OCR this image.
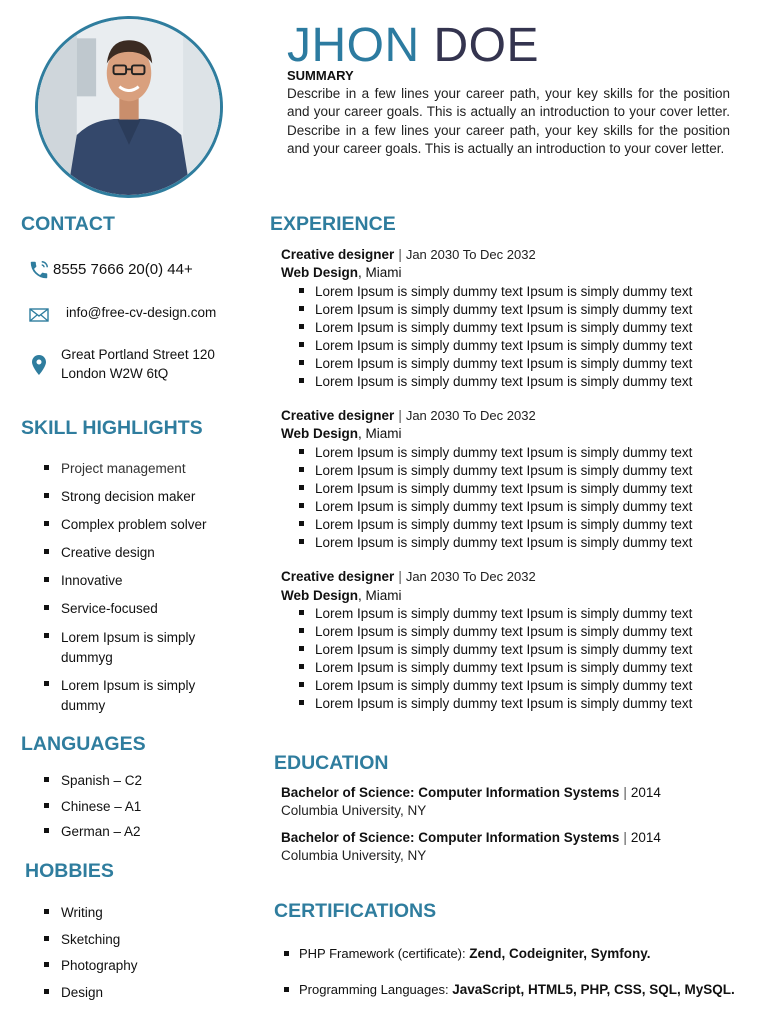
JHON DOE
SUMMARY
Describe in a few lines your career path, your key skills for the position and your career goals. This is actually an introduction to your cover letter. Describe in a few lines your career path, your key skills for the position and your career goals. This is actually an introduction to your cover letter.
CONTACT
8555 7666 20(0) 44+
info@free-cv-design.com
Great Portland Street 120
London W2W 6tQ
SKILL HIGHLIGHTS
Project management
Strong decision maker
Complex problem solver
Creative design
Innovative
Service-focused
Lorem Ipsum is simply dummyg
Lorem Ipsum is simply dummy
LANGUAGES
Spanish – C2
Chinese – A1
German – A2
HOBBIES
Writing
Sketching
Photography
Design
EXPERIENCE
Creative designer | Jan 2030 To Dec 2032
Web Design, Miami
Lorem Ipsum is simply dummy text Ipsum is simply dummy text
Lorem Ipsum is simply dummy text Ipsum is simply dummy text
Lorem Ipsum is simply dummy text Ipsum is simply dummy text
Lorem Ipsum is simply dummy text Ipsum is simply dummy text
Lorem Ipsum is simply dummy text Ipsum is simply dummy text
Lorem Ipsum is simply dummy text Ipsum is simply dummy text
Creative designer | Jan 2030 To Dec 2032
Web Design, Miami
Lorem Ipsum is simply dummy text Ipsum is simply dummy text
Lorem Ipsum is simply dummy text Ipsum is simply dummy text
Lorem Ipsum is simply dummy text Ipsum is simply dummy text
Lorem Ipsum is simply dummy text Ipsum is simply dummy text
Lorem Ipsum is simply dummy text Ipsum is simply dummy text
Lorem Ipsum is simply dummy text Ipsum is simply dummy text
Creative designer | Jan 2030 To Dec 2032
Web Design, Miami
Lorem Ipsum is simply dummy text Ipsum is simply dummy text
Lorem Ipsum is simply dummy text Ipsum is simply dummy text
Lorem Ipsum is simply dummy text Ipsum is simply dummy text
Lorem Ipsum is simply dummy text Ipsum is simply dummy text
Lorem Ipsum is simply dummy text Ipsum is simply dummy text
Lorem Ipsum is simply dummy text Ipsum is simply dummy text
EDUCATION
Bachelor of Science: Computer Information Systems | 2014
Columbia University, NY
Bachelor of Science: Computer Information Systems | 2014
Columbia University, NY
CERTIFICATIONS
PHP Framework (certificate): Zend, Codeigniter, Symfony.
Programming Languages: JavaScript, HTML5, PHP, CSS, SQL, MySQL.
